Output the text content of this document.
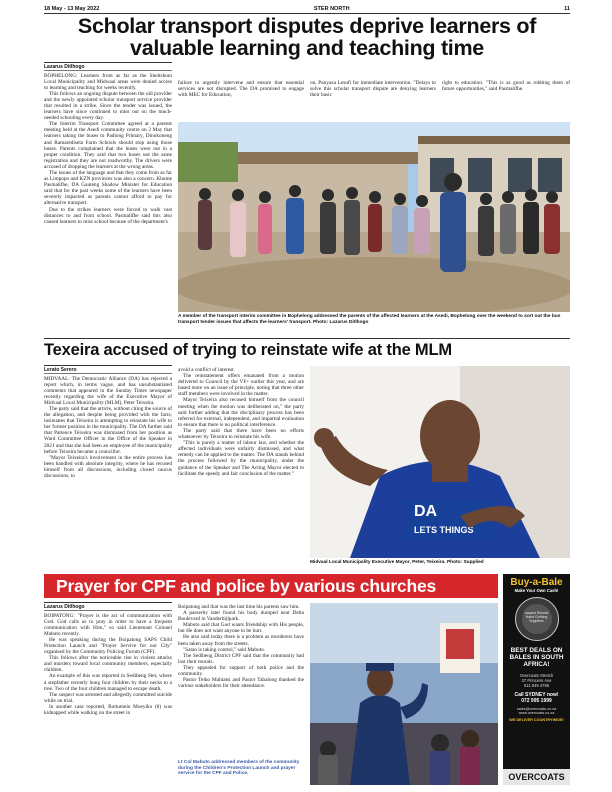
18 May - 13 May 2022	STER NORTH	11
Scholar transport disputes deprive learners of valuable learning and teaching time
Lazarus Ditlhogo

BOPHELONG: Learners from as far as the Sheltshoni Local Municipality and Midwaal areas were denied access to learning and teaching for weeks recently.

This follows an ongoing dispute between the old provider and the newly appointed scholar transport service provider that resulted in a strike. Since the tender was issued, the learners have since continued to miss out on the much-needed schooling every day.

The Interim Transport Committee agreed at a parents meeting held at the Asedi community centre on 2 May that learners taking the buses to Padiong Primary, Dinokoneng and Ramaredisela Farm Schools should stop using those buses. Parents complained that the buses were not in a proper condition. They said that two buses use the same registration and they are not roadworthy. The drivers were accused of dropping the learners at the wrong areas.

The issues of the language and that they come from as far as Limpopo and KZN provinces was also a concern. Khume Pasmalifhe, DA Gauteng Shadow Minister for Education said that for the past weeks some of the learners have been severely impacted as parents cannot afford to pay for alternative transport.

Due to the strikes learners were forced to walk vast distances to and from school. Pasmalifhe said this also caused learners to miss school because of the department's

failure to urgently intervene and ensure that essential services are not disrupted. The DA promised to engage with MEC for Education,

on, Panyaza Lesufi for immediate intervention. "Delays to solve this scholar transport dispute are denying learners their basic

right to education. "This is as good as robbing them of future opportunities," said Pasmalifhe.

A member of the transport interim committee in Bophelong addressed the parents of the affected learners at the Asedi, Bophelong over the weekend to sort out the bus transport tender issues that affects the learners' transport. Photo: Lazarus Ditlhogo
Texeira accused of trying to reinstate wife at the MLM
Lerato Serero

MIDVAAL: The Democratic Alliance (DA) has rejected a report which, in terms vague, and has unsubstantiated comments that appeared in the Sunday Times newspaper recently regarding the wife of the Executive Mayor of Midvaal Local Municipality (MLM), Peter Teixeira.

The party said that the article, without citing the source of the allegation, and despite being provided with the facts, insinuates that Teixeira is attempting to reinstate his wife to her former position in the municipality. The DA further said that Patience Teixeira was dismissed from her position as Ward Committee Officer in the Office of the Speaker in 2021 and that she had been an employee of the municipality before Teixeira became a councillor.

"Mayor Teixeira's involvement in the entire process has been handled with absolute integrity, where he has recused himself from all discussions, including closed caucus discussions, to

avoid a conflict of interest.

The reinstatement offers emanated from a motion delivered to Council by the VF+ earlier this year, and are based more on an issue of principle, noting that three other staff members were involved in the matter.

Mayor Teixeira also recused himself from the council meeting when the motion was deliberated on," the party said further adding that the disciplinary process has been referred for external, independent, and impartial evaluation to ensure that there is no political interference.

The party said that there have been no efforts whatsoever by Teixeira to reinstate his wife.

"This is purely a matter of labour law, and whether the affected individuals were unfairly dismissed, and what remedy can be applied to the matter. The DA stands behind the process followed by the municipality, under the guidance of the Speaker and The Acting Mayor elected to facilitate the speedy and fair conclusion of the matter."

DA
LETS THINGS
Midvaal Local Municipality Executive Mayor, Peter, Teixeira. Photo: Supplied
Prayer for CPF and police by various churches
Lazarus Ditlhogo

BOIPATONG: "Prayer is the act of communication with God. God calls us to pray in order to have a frequent communication with Him," so said Lieutenant Colonel Mabuto recently.

He was speaking during the Boipatong SAPS Child Protection Launch and "Prayer Service for our City" organised by the Community Policing Forum (CPF).

This follows after the noticeable rise in violent attacks and murders toward local community members, especially children.

An example of this was reported in Sedibeng Ster, where a stepfather recently hung four children by their necks to a tree. Two of the four children managed to escape death.

The suspect was arrested and allegedly committed suicide while on trial.

In another case reported, Boitumelo Moeyiko (8) was kidnapped while walking on the street in

Boipatong and that was the last time his parents saw him.

A passerby later found his body dumped near Delta Boulevard in Vanderbijlpark.

Mabuto said that God wants friendship with His people, but He does not want anyone to be hurt.

He also said today there is a problem as murderers have been taken away from the streets.

"Satan is taking control," said Mabuto.

The Sedibeng District CPF said that the community had lost their morals.

They appealed for support of both police and the community.

Pastor Teiko Mahlatsi and Pastor Tabalong thanked the various stakeholders for their attendance.

Lt Col Mabuto addressed members of the community during the Children's Protection Launch and prayer service for the CPF and Police.
Buy-a-Bale
Make Your Own Cash!
Largest Second Hand Clothing Suppliers
BEST DEALS ON BALES IN SOUTH AFRICA!
Overcoats Stretch
37 Princess Ave
011 949 4785
Call SYDNEY now!
072 995 1999
sales@overcoats.co.za
www.overcoats.co.za
WE DELIVER COUNTRYWIDE!
OVERCOATS
